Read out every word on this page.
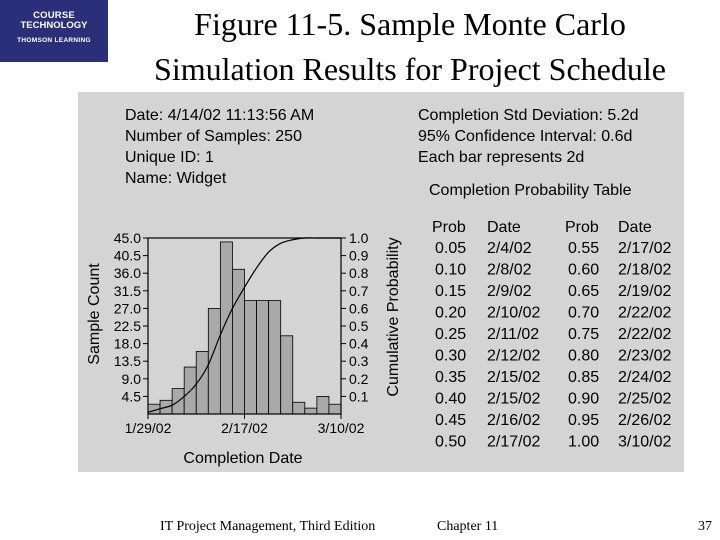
COURSE
TECHNOLOGY
THOMSON LEARNING	Figure 11-5. Sample Monte Carlo
Simulation Results for Project Schedule
Date: 4/14/02 11:13:56 AM
Number of Samples: 250
Unique ID: 1
Name: Widget
Completion Std Deviation: 5.2d
95% Confidence Interval: 0.6d
Each bar represents 2d
Completion Probability Table
Prob Date	Prob Date
0.05 2/4/02 0.55 2/17/02
0.10 2/8/02 0.60 2/18/02
0.15 2/9/02 0.65 2/19/02
0.20 2/10/02 0.70 2/22/02
0.25 2/11/02 0.75 2/22/02
0.30 2/12/02 0.80 2/23/02
0.35 2/15/02 0.85 2/24/02
0.40 2/15/02 0.90 2/25/02
0.45 2/16/02 0.95 2/26/02
0.50 2/17/02 1.00 3/10/02
45.0
40.5
36.0
31.5
27.0
22.5
18.0
13.5
9.0
4.5
1.0
0.9
0.8
0.7
0.6
0.5
0.4
0.3
0.2
0.1
1/29/02	2/17/02	3/10/02
Sample Count	Cumulative Probability
Completion Date
IT Project Management, Third Edition	Chapter 11	37
